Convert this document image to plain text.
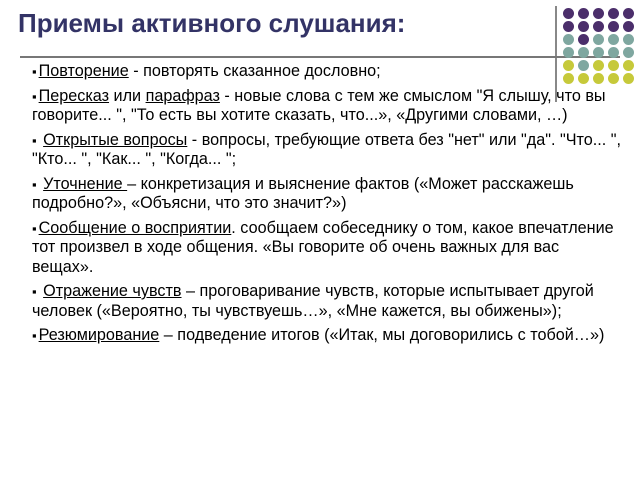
Приемы активного слушания:
▪ Повторение - повторять сказанное дословно;
▪ Пересказ или парафраз - новые слова с тем же смыслом "Я слышу, что вы говорите... ", "То есть вы хотите сказать, что...», «Другими словами, …)
▪ Открытые вопросы - вопросы, требующие ответа без "нет" или "да". "Что... ", "Кто... ", "Как... ", "Когда... ";
▪ Уточнение – конкретизация и выяснение фактов («Может расскажешь подробно?», «Объясни, что это значит?»)
▪ Сообщение о восприятии. сообщаем собеседнику о том, какое впечатление тот произвел в ходе общения. «Вы говорите об очень важных для вас вещах».
▪ Отражение чувств – проговаривание чувств, которые испытывает другой человек («Вероятно, ты чувствуешь…», «Мне кажется, вы обижены»);
▪ Резюмирование – подведение итогов («Итак, мы договорились с тобой…»)
